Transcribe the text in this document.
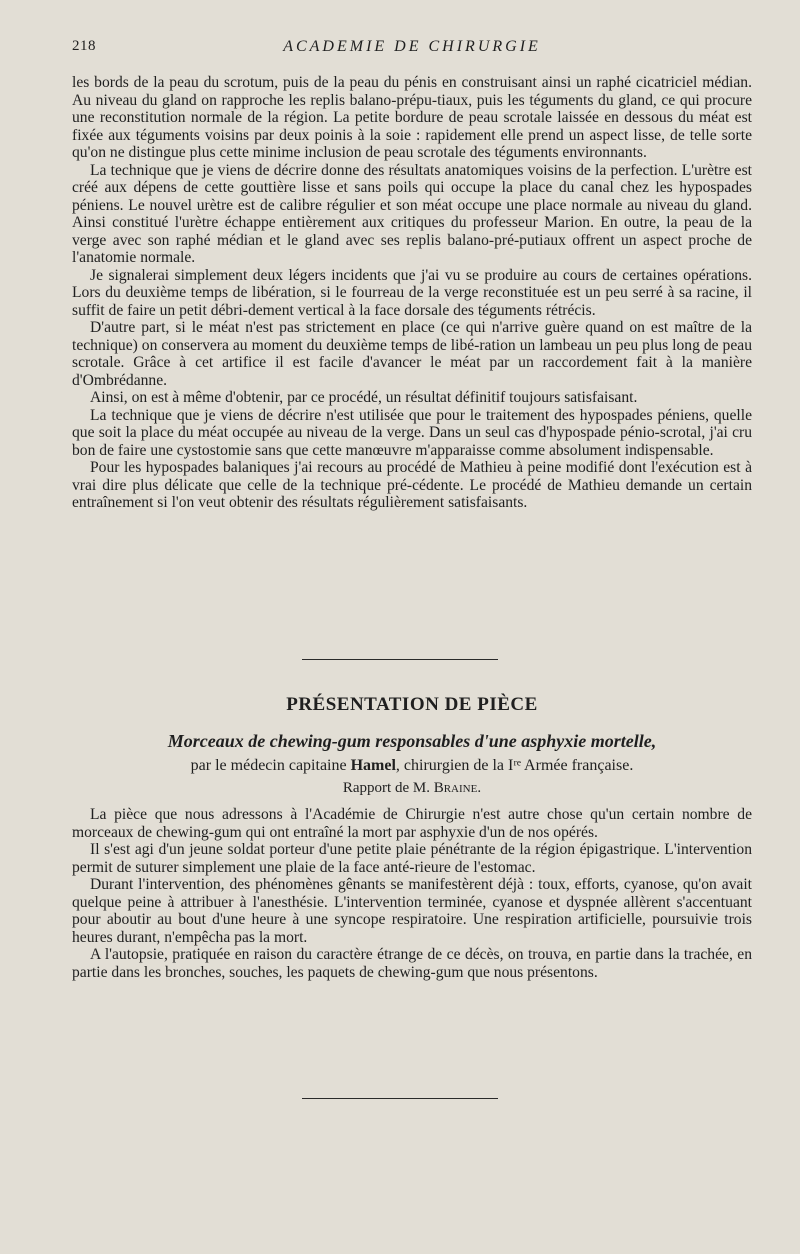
218	ACADEMIE DE CHIRURGIE

les bords de la peau du scrotum, puis de la peau du pénis en construisant ainsi un raphé cicatriciel médian. Au niveau du gland on rapproche les replis balano-prépu-tiaux, puis les téguments du gland, ce qui procure une reconstitution normale de la région. La petite bordure de peau scrotale laissée en dessous du méat est fixée aux téguments voisins par deux poinis à la soie : rapidement elle prend un aspect lisse, de telle sorte qu'on ne distingue plus cette minime inclusion de peau scrotale des téguments environnants.

La technique que je viens de décrire donne des résultats anatomiques voisins de la perfection. L'urètre est créé aux dépens de cette gouttière lisse et sans poils qui occupe la place du canal chez les hypospades péniens. Le nouvel urètre est de calibre régulier et son méat occupe une place normale au niveau du gland. Ainsi constitué l'urètre échappe entièrement aux critiques du professeur Marion. En outre, la peau de la verge avec son raphé médian et le gland avec ses replis balano-pré-putiaux offrent un aspect proche de l'anatomie normale.

Je signalerai simplement deux légers incidents que j'ai vu se produire au cours de certaines opérations. Lors du deuxième temps de libération, si le fourreau de la verge reconstituée est un peu serré à sa racine, il suffit de faire un petit débri-dement vertical à la face dorsale des téguments rétrécis.

D'autre part, si le méat n'est pas strictement en place (ce qui n'arrive guère quand on est maître de la technique) on conservera au moment du deuxième temps de libé-ration un lambeau un peu plus long de peau scrotale. Grâce à cet artifice il est facile d'avancer le méat par un raccordement fait à la manière d'Ombrédanne.

Ainsi, on est à même d'obtenir, par ce procédé, un résultat définitif toujours satisfaisant.

La technique que je viens de décrire n'est utilisée que pour le traitement des hypospades péniens, quelle que soit la place du méat occupée au niveau de la verge. Dans un seul cas d'hypospade pénio-scrotal, j'ai cru bon de faire une cystostomie sans que cette manœuvre m'apparaisse comme absolument indispensable.

Pour les hypospades balaniques j'ai recours au procédé de Mathieu à peine modifié dont l'exécution est à vrai dire plus délicate que celle de la technique pré-cédente. Le procédé de Mathieu demande un certain entraînement si l'on veut obtenir des résultats régulièrement satisfaisants.

PRÉSENTATION DE PIÈCE
Morceaux de chewing-gum responsables d'une asphyxie mortelle,
par le médecin capitaine Hamel, chirurgien de la Iʳᵉ Armée française.
Rapport de M. Braine.

La pièce que nous adressons à l'Académie de Chirurgie n'est autre chose qu'un certain nombre de morceaux de chewing-gum qui ont entraîné la mort par asphyxie d'un de nos opérés.

Il s'est agi d'un jeune soldat porteur d'une petite plaie pénétrante de la région épigastrique. L'intervention permit de suturer simplement une plaie de la face anté-rieure de l'estomac.

Durant l'intervention, des phénomènes gênants se manifestèrent déjà : toux, efforts, cyanose, qu'on avait quelque peine à attribuer à l'anesthésie. L'intervention terminée, cyanose et dyspnée allèrent s'accentuant pour aboutir au bout d'une heure à une syncope respiratoire. Une respiration artificielle, poursuivie trois heures durant, n'empêcha pas la mort.

A l'autopsie, pratiquée en raison du caractère étrange de ce décès, on trouva, en partie dans la trachée, en partie dans les bronches, souches, les paquets de chewing-gum que nous présentons.
